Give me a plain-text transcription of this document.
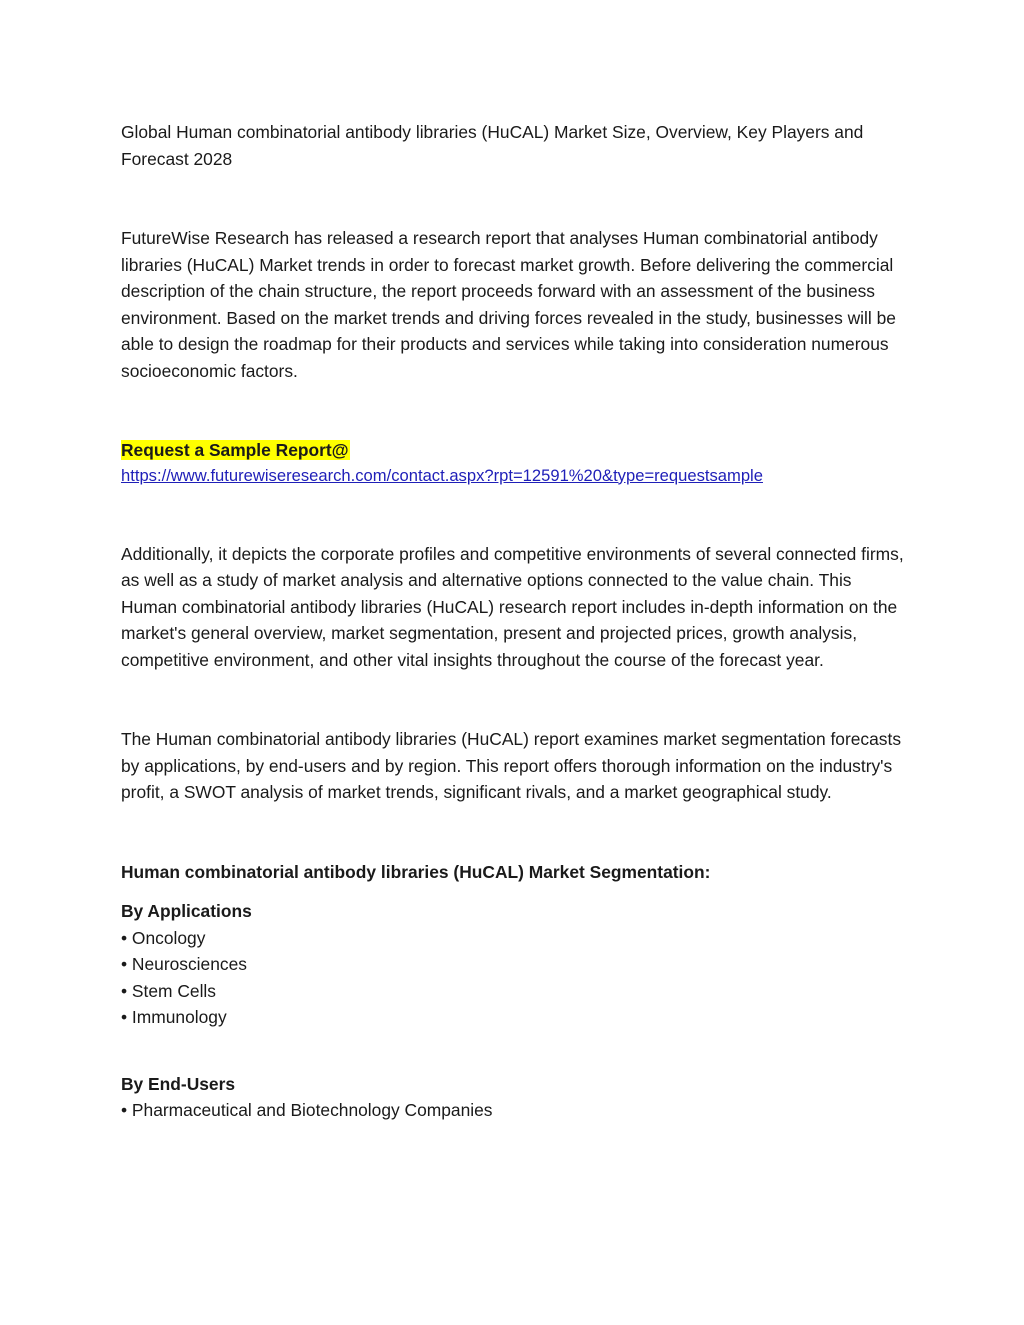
Global Human combinatorial antibody libraries (HuCAL) Market Size, Overview, Key Players and Forecast 2028

FutureWise Research has released a research report that analyses Human combinatorial antibody libraries (HuCAL) Market trends in order to forecast market growth. Before delivering the commercial description of the chain structure, the report proceeds forward with an assessment of the business environment. Based on the market trends and driving forces revealed in the study, businesses will be able to design the roadmap for their products and services while taking into consideration numerous socioeconomic factors.

Request a Sample Report@
https://www.futurewiseresearch.com/contact.aspx?rpt=12591%20&type=requestsample

Additionally, it depicts the corporate profiles and competitive environments of several connected firms, as well as a study of market analysis and alternative options connected to the value chain. This Human combinatorial antibody libraries (HuCAL) research report includes in-depth information on the market's general overview, market segmentation, present and projected prices, growth analysis, competitive environment, and other vital insights throughout the course of the forecast year.

The Human combinatorial antibody libraries (HuCAL) report examines market segmentation forecasts by applications, by end-users and by region. This report offers thorough information on the industry's profit, a SWOT analysis of market trends, significant rivals, and a market geographical study.

Human combinatorial antibody libraries (HuCAL) Market Segmentation:

By Applications
• Oncology
• Neurosciences
• Stem Cells
• Immunology
By End-Users
• Pharmaceutical and Biotechnology Companies
